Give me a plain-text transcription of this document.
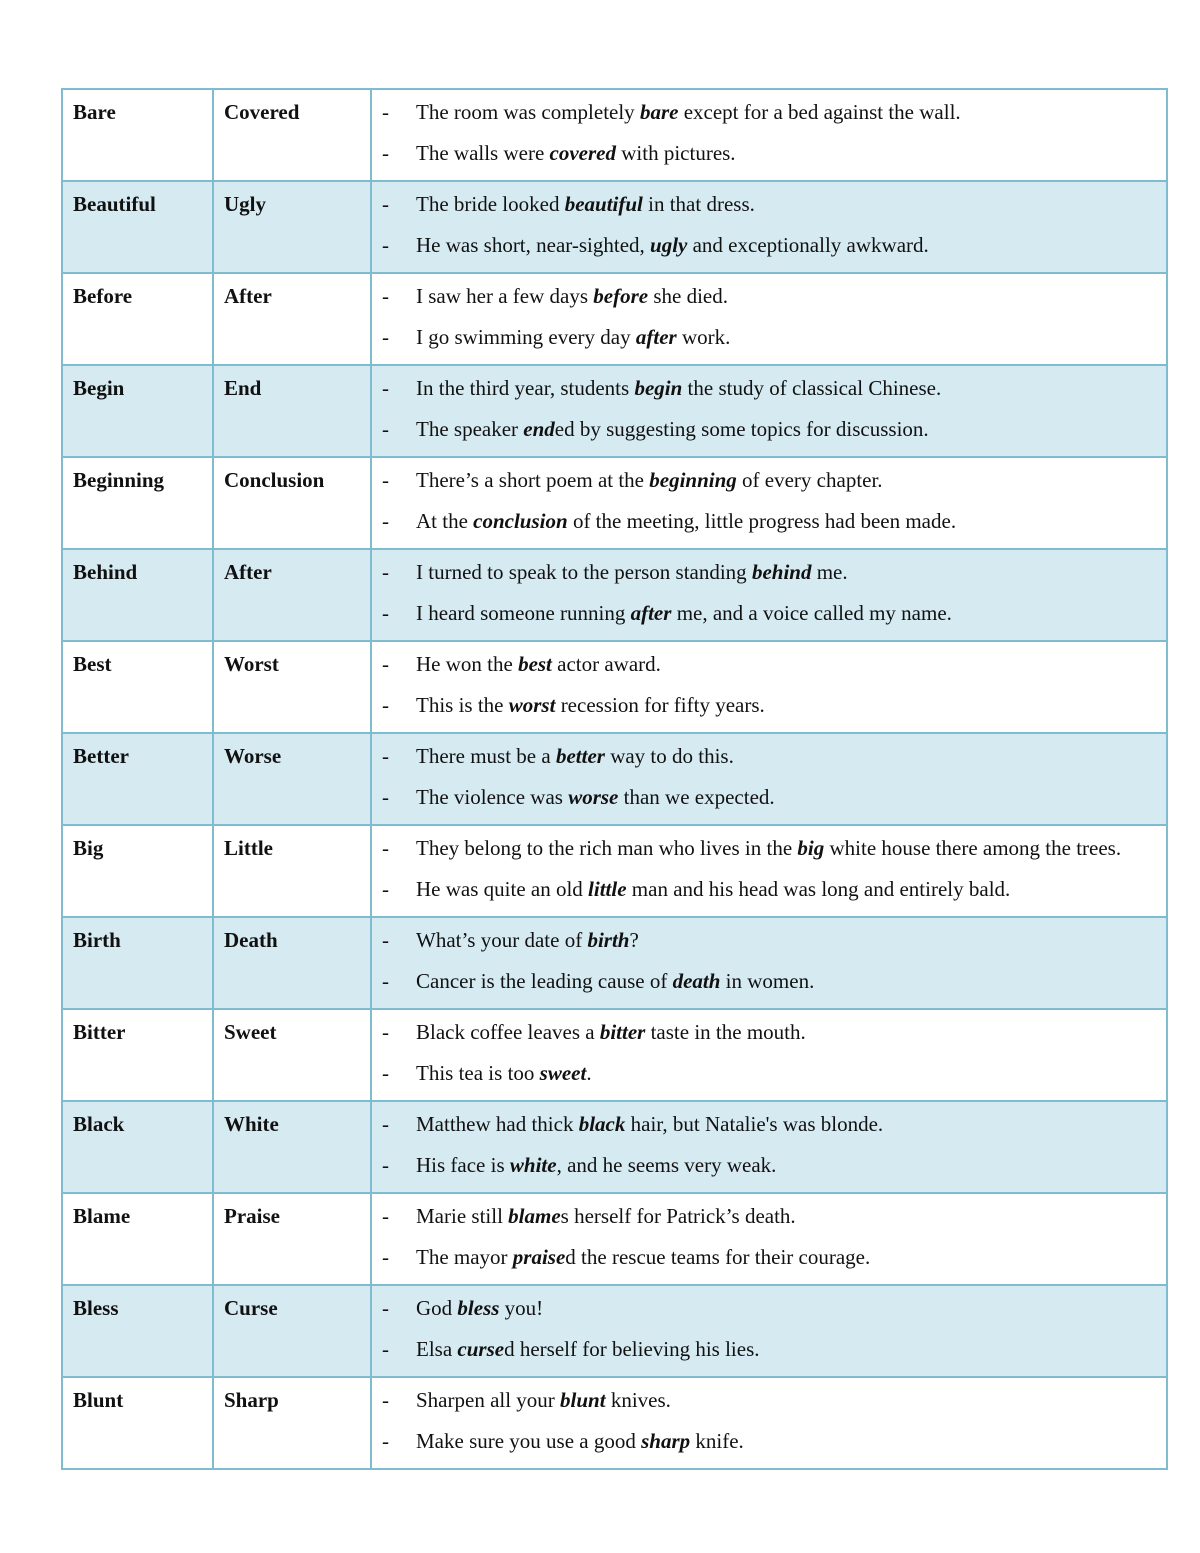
Bare	Covered	- The room was completely bare except for a bed against the wall.
- The walls were covered with pictures.

Beautiful	Ugly	- The bride looked beautiful in that dress.
- He was short, near-sighted, ugly and exceptionally awkward.

Before	After	- I saw her a few days before she died.
- I go swimming every day after work.

Begin	End	- In the third year, students begin the study of classical Chinese.
- The speaker ended by suggesting some topics for discussion.

Beginning	Conclusion	- There’s a short poem at the beginning of every chapter.
- At the conclusion of the meeting, little progress had been made.

Behind	After	- I turned to speak to the person standing behind me.
- I heard someone running after me, and a voice called my name.

Best	Worst	- He won the best actor award.
- This is the worst recession for fifty years.

Better	Worse	- There must be a better way to do this.
- The violence was worse than we expected.

Big	Little	- They belong to the rich man who lives in the big white house there among the trees.
- He was quite an old little man and his head was long and entirely bald.

Birth	Death	- What’s your date of birth?
- Cancer is the leading cause of death in women.

Bitter	Sweet	- Black coffee leaves a bitter taste in the mouth.
- This tea is too sweet.

Black	White	- Matthew had thick black hair, but Natalie's was blonde.
- His face is white, and he seems very weak.

Blame	Praise	- Marie still blames herself for Patrick’s death.
- The mayor praised the rescue teams for their courage.

Bless	Curse	- God bless you!
- Elsa cursed herself for believing his lies.

Blunt	Sharp	- Sharpen all your blunt knives.
- Make sure you use a good sharp knife.
